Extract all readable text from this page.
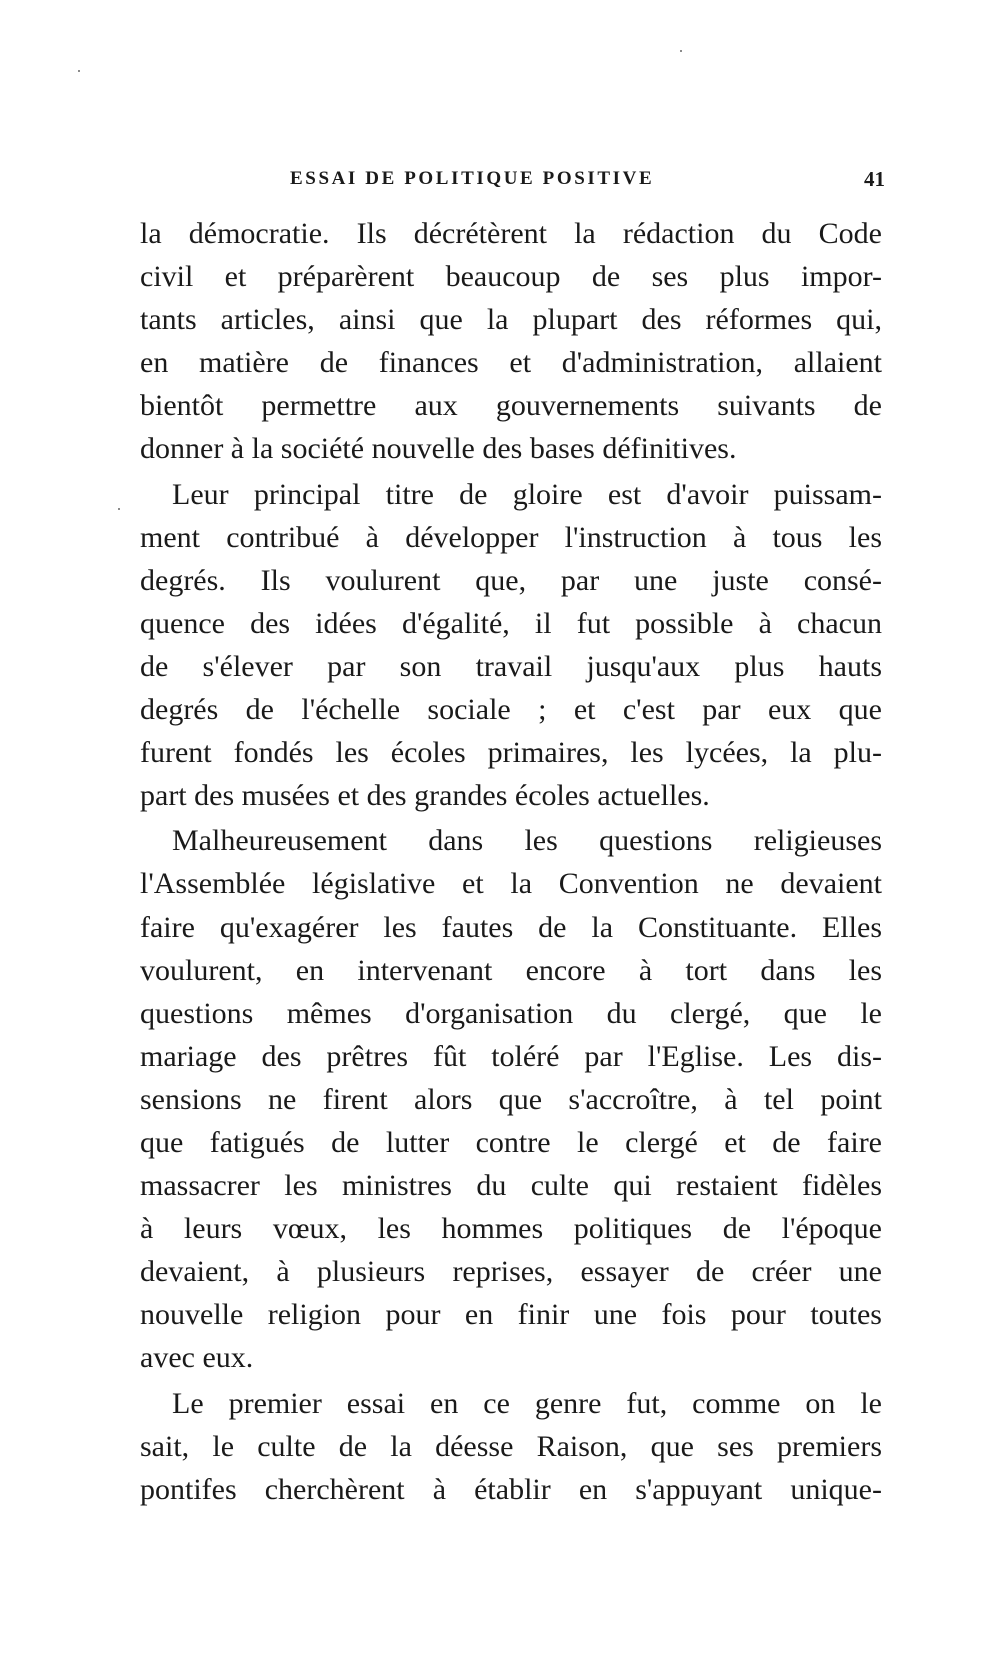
ESSAI DE POLITIQUE POSITIVE	41
la démocratie. Ils décrétèrent la rédaction du Code
civil et préparèrent beaucoup de ses plus impor-
tants articles, ainsi que la plupart des réformes qui,
en matière de finances et d'administration, allaient
bientôt permettre aux gouvernements suivants de
donner à la société nouvelle des bases définitives.
Leur principal titre de gloire est d'avoir puissam-
ment contribué à développer l'instruction à tous les
degrés. Ils voulurent que, par une juste consé-
quence des idées d'égalité, il fut possible à chacun
de s'élever par son travail jusqu'aux plus hauts
degrés de l'échelle sociale ; et c'est par eux que
furent fondés les écoles primaires, les lycées, la plu-
part des musées et des grandes écoles actuelles.
Malheureusement dans les questions religieuses
l'Assemblée législative et la Convention ne devaient
faire qu'exagérer les fautes de la Constituante. Elles
voulurent, en intervenant encore à tort dans les
questions mêmes d'organisation du clergé, que le
mariage des prêtres fût toléré par l'Eglise. Les dis-
sensions ne firent alors que s'accroître, à tel point
que fatigués de lutter contre le clergé et de faire
massacrer les ministres du culte qui restaient fidèles
à leurs vœux, les hommes politiques de l'époque
devaient, à plusieurs reprises, essayer de créer une
nouvelle religion pour en finir une fois pour toutes
avec eux.
Le premier essai en ce genre fut, comme on le
sait, le culte de la déesse Raison, que ses premiers
pontifes cherchèrent à établir en s'appuyant unique-
